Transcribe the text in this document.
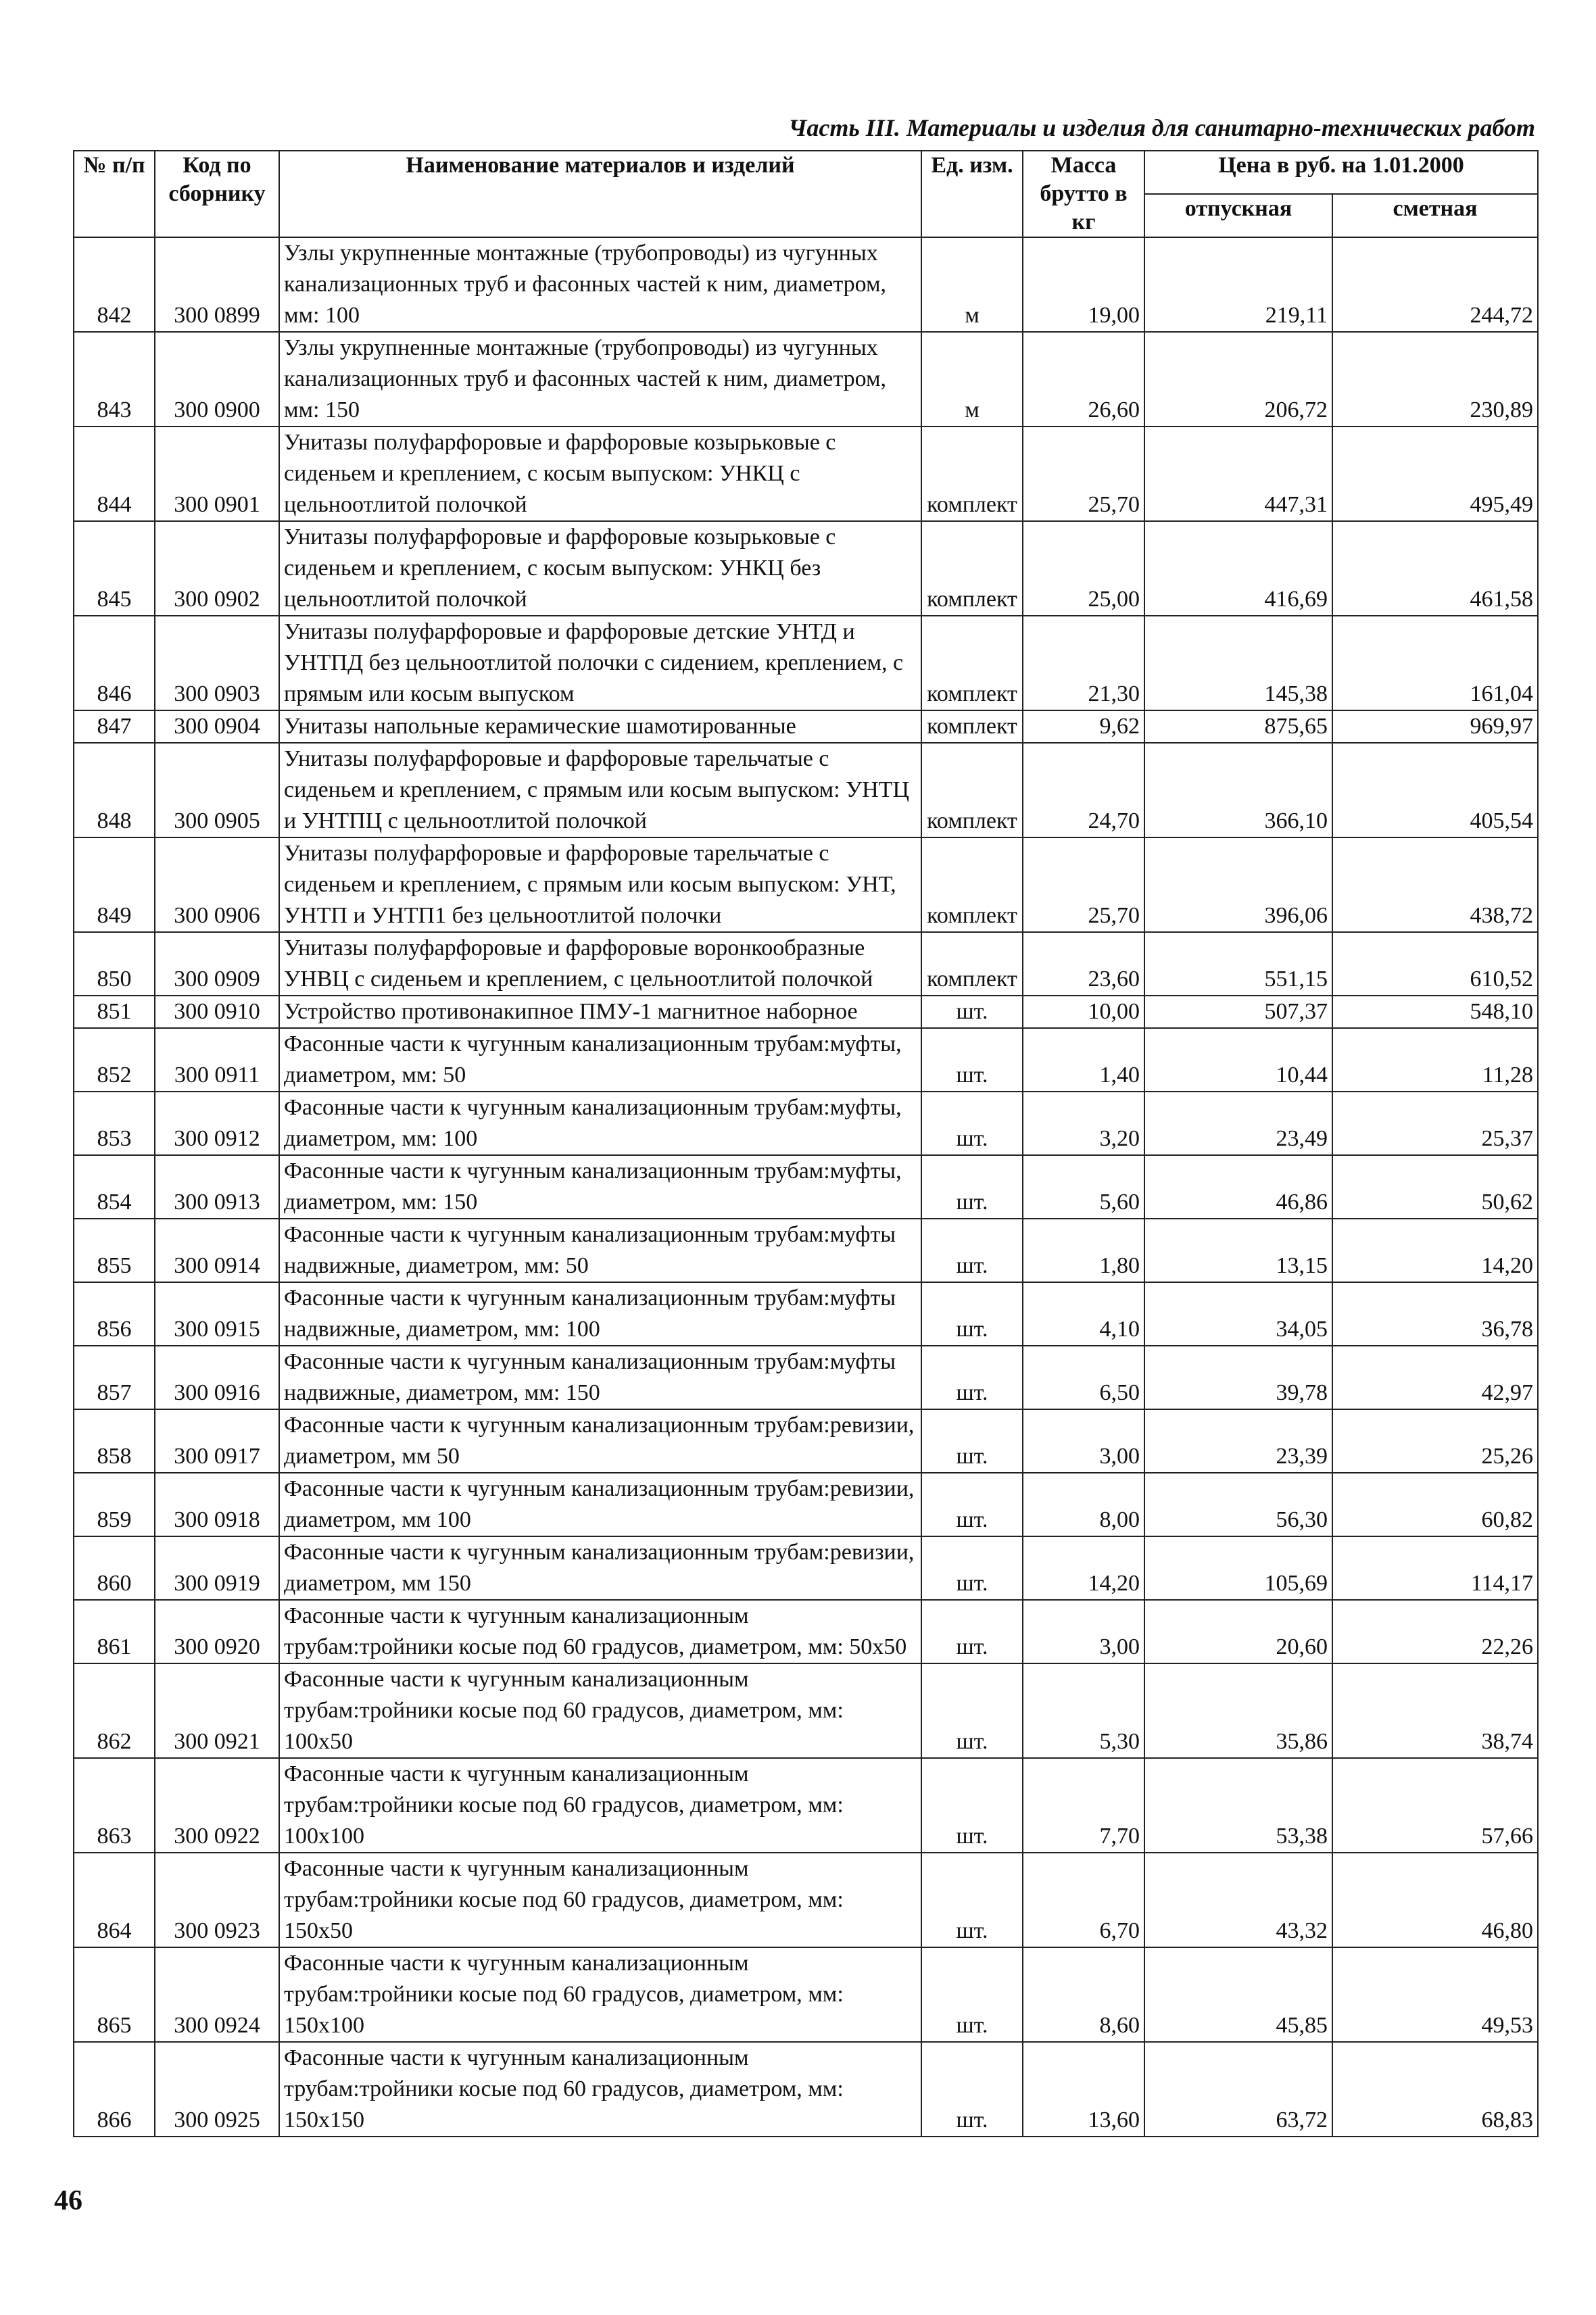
Часть III. Материалы и изделия для санитарно-технических работ
№ п/п	Код по сборнику	Наименование материалов и изделий	Ед. изм.	Масса брутто в кг	Цена в руб. на 1.01.2000	
					отпускная	сметная
842	300 0899	Узлы укрупненные монтажные (трубопроводы) из чугунных канализационных труб и фасонных частей к ним, диаметром, мм: 100	м	19,00	219,11	244,72
843	300 0900	Узлы укрупненные монтажные (трубопроводы) из чугунных канализационных труб и фасонных частей к ним, диаметром, мм: 150	м	26,60	206,72	230,89
844	300 0901	Унитазы полуфарфоровые и фарфоровые козырьковые с сиденьем и креплением, с косым выпуском: УНКЦ с цельноотлитой полочкой	комплект	25,70	447,31	495,49
845	300 0902	Унитазы полуфарфоровые и фарфоровые козырьковые с сиденьем и креплением, с косым выпуском: УНКЦ без цельноотлитой полочкой	комплект	25,00	416,69	461,58
846	300 0903	Унитазы полуфарфоровые и фарфоровые детские УНТД и УНТПД без цельноотлитой полочки с сидением, креплением, с прямым или косым выпуском	комплект	21,30	145,38	161,04
847	300 0904	Унитазы напольные керамические шамотированные	комплект	9,62	875,65	969,97
848	300 0905	Унитазы полуфарфоровые и фарфоровые тарельчатые с сиденьем и креплением, с прямым или косым выпуском: УНТЦ и УНТПЦ с цельноотлитой полочкой	комплект	24,70	366,10	405,54
849	300 0906	Унитазы полуфарфоровые и фарфоровые тарельчатые с сиденьем и креплением, с прямым или косым выпуском: УНТ, УНТП и УНТП1 без цельноотлитой полочки	комплект	25,70	396,06	438,72
850	300 0909	Унитазы полуфарфоровые и фарфоровые воронкообразные УНВЦ с сиденьем и креплением, с цельноотлитой полочкой	комплект	23,60	551,15	610,52
851	300 0910	Устройство противонакипное ПМУ-1 магнитное наборное	шт.	10,00	507,37	548,10
852	300 0911	Фасонные части к чугунным канализационным трубам:муфты, диаметром, мм: 50	шт.	1,40	10,44	11,28
853	300 0912	Фасонные части к чугунным канализационным трубам:муфты, диаметром, мм: 100	шт.	3,20	23,49	25,37
854	300 0913	Фасонные части к чугунным канализационным трубам:муфты, диаметром, мм: 150	шт.	5,60	46,86	50,62
855	300 0914	Фасонные части к чугунным канализационным трубам:муфты надвижные, диаметром, мм: 50	шт.	1,80	13,15	14,20
856	300 0915	Фасонные части к чугунным канализационным трубам:муфты надвижные, диаметром, мм: 100	шт.	4,10	34,05	36,78
857	300 0916	Фасонные части к чугунным канализационным трубам:муфты надвижные, диаметром, мм: 150	шт.	6,50	39,78	42,97
858	300 0917	Фасонные части к чугунным канализационным трубам:ревизии, диаметром, мм 50	шт.	3,00	23,39	25,26
859	300 0918	Фасонные части к чугунным канализационным трубам:ревизии, диаметром, мм 100	шт.	8,00	56,30	60,82
860	300 0919	Фасонные части к чугунным канализационным трубам:ревизии, диаметром, мм 150	шт.	14,20	105,69	114,17
861	300 0920	Фасонные части к чугунным канализационным трубам:тройники косые под 60 градусов, диаметром, мм: 50x50	шт.	3,00	20,60	22,26
862	300 0921	Фасонные части к чугунным канализационным трубам:тройники косые под 60 градусов, диаметром, мм: 100x50	шт.	5,30	35,86	38,74
863	300 0922	Фасонные части к чугунным канализационным трубам:тройники косые под 60 градусов, диаметром, мм: 100x100	шт.	7,70	53,38	57,66
864	300 0923	Фасонные части к чугунным канализационным трубам:тройники косые под 60 градусов, диаметром, мм: 150x50	шт.	6,70	43,32	46,80
865	300 0924	Фасонные части к чугунным канализационным трубам:тройники косые под 60 градусов, диаметром, мм: 150x100	шт.	8,60	45,85	49,53
866	300 0925	Фасонные части к чугунным канализационным трубам:тройники косые под 60 градусов, диаметром, мм: 150x150	шт.	13,60	63,72	68,83
46
